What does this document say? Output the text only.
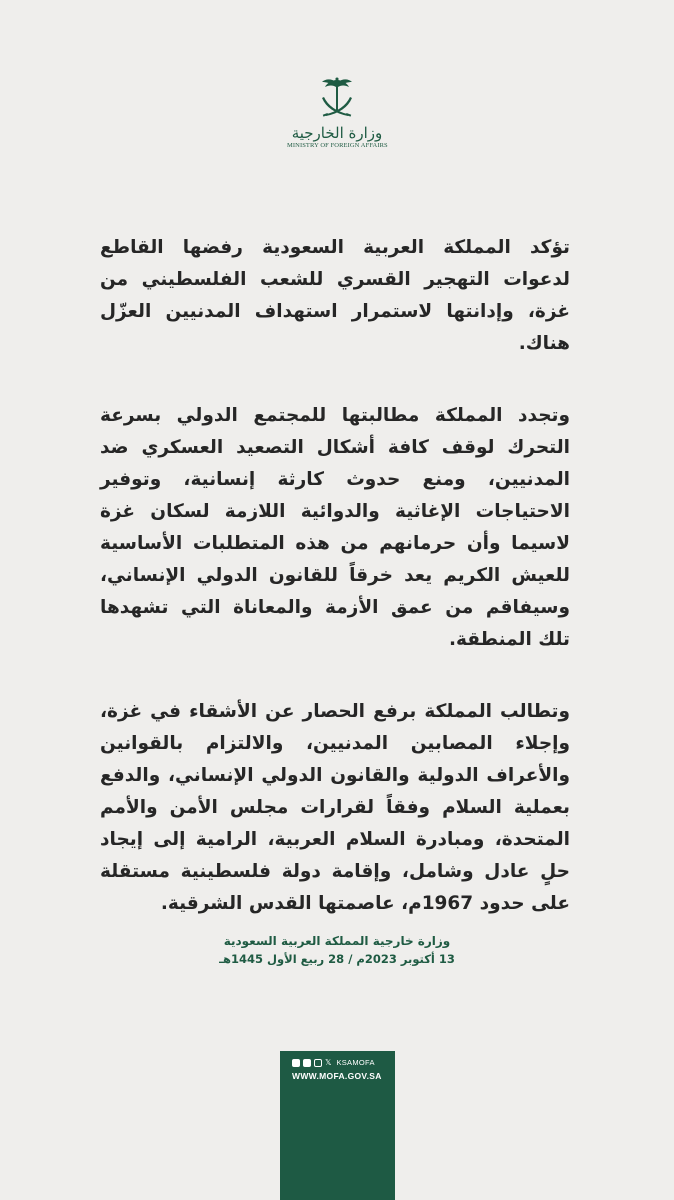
وزارة الخارجية
MINISTRY OF FOREIGN AFFAIRS

تؤكد المملكة العربية السعودية رفضها القاطع لدعوات التهجير القسري للشعب الفلسطيني من غزة، وإدانتها لاستمرار استهداف المدنيين العزّل هناك.

وتجدد المملكة مطالبتها للمجتمع الدولي بسرعة التحرك لوقف كافة أشكال التصعيد العسكري ضد المدنيين، ومنع حدوث كارثة إنسانية، وتوفير الاحتياجات الإغاثية والدوائية اللازمة لسكان غزة لاسيما وأن حرمانهم من هذه المتطلبات الأساسية للعيش الكريم يعد خرقاً للقانون الدولي الإنساني، وسيفاقم من عمق الأزمة والمعاناة التي تشهدها تلك المنطقة.

وتطالب المملكة برفع الحصار عن الأشقاء في غزة، وإجلاء المصابين المدنيين، والالتزام بالقوانين والأعراف الدولية والقانون الدولي الإنساني، والدفع بعملية السلام وفقاً لقرارات مجلس الأمن والأمم المتحدة، ومبادرة السلام العربية، الرامية إلى إيجاد حلٍ عادل وشامل، وإقامة دولة فلسطينية مستقلة على حدود 1967م، عاصمتها القدس الشرقية.

وزارة خارجية المملكة العربية السعودية
13 أكتوبر 2023م / 28 ربيع الأول 1445هـ
𝕏 KSAMOFA
WWW.MOFA.GOV.SA
